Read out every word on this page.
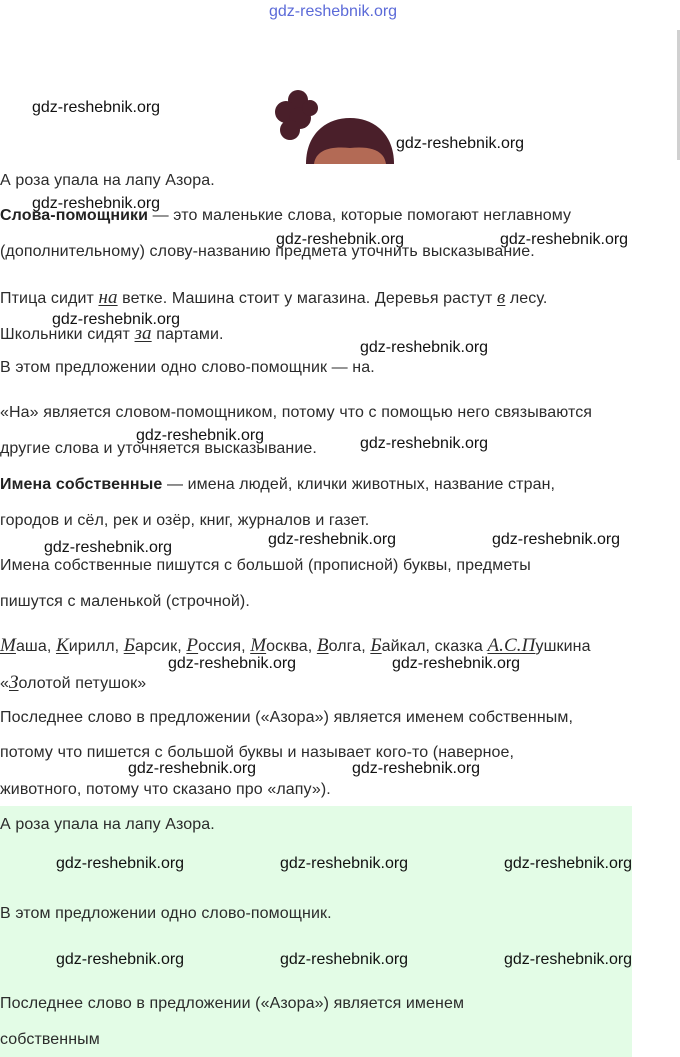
gdz-reshebnik.org
gdz-reshebnik.org
gdz-reshebnik.org
А роза упала на лапу Азора.
gdz-reshebnik.org
Слова-помощники — это маленькие слова, которые помогают неглавному
gdz-reshebnik.org	gdz-reshebnik.org
(дополнительному) слову-названию предмета уточнить высказывание.
Птица сидит на ветке. Машина стоит у магазина. Деревья растут в лесу.
gdz-reshebnik.org
Школьники сидят за партами.
gdz-reshebnik.org
В этом предложении одно слово-помощник — на.
«На» является словом-помощником, потому что с помощью него связываются
gdz-reshebnik.org	gdz-reshebnik.org
другие слова и уточняется высказывание.
Имена собственные — имена людей, клички животных, название стран,
городов и сёл, рек и озёр, книг, журналов и газет.
gdz-reshebnik.org	gdz-reshebnik.org	gdz-reshebnik.org
Имена собственные пишутся с большой (прописной) буквы, предметы
пишутся с маленькой (строчной).
Маша, Кирилл, Барсик, Россия, Москва, Волга, Байкал, сказка А.С.Пушкина
gdz-reshebnik.org	gdz-reshebnik.org
«Золотой петушок»
Последнее слово в предложении («Азора») является именем собственным,
потому что пишется с большой буквы и называет кого-то (наверное,
gdz-reshebnik.org	gdz-reshebnik.org
животного, потому что сказано про «лапу»).
А роза упала на лапу Азора.
gdz-reshebnik.org	gdz-reshebnik.org	gdz-reshebnik.org
В этом предложении одно слово-помощник.
gdz-reshebnik.org	gdz-reshebnik.org	gdz-reshebnik.org
Последнее слово в предложении («Азора») является именем
собственным
